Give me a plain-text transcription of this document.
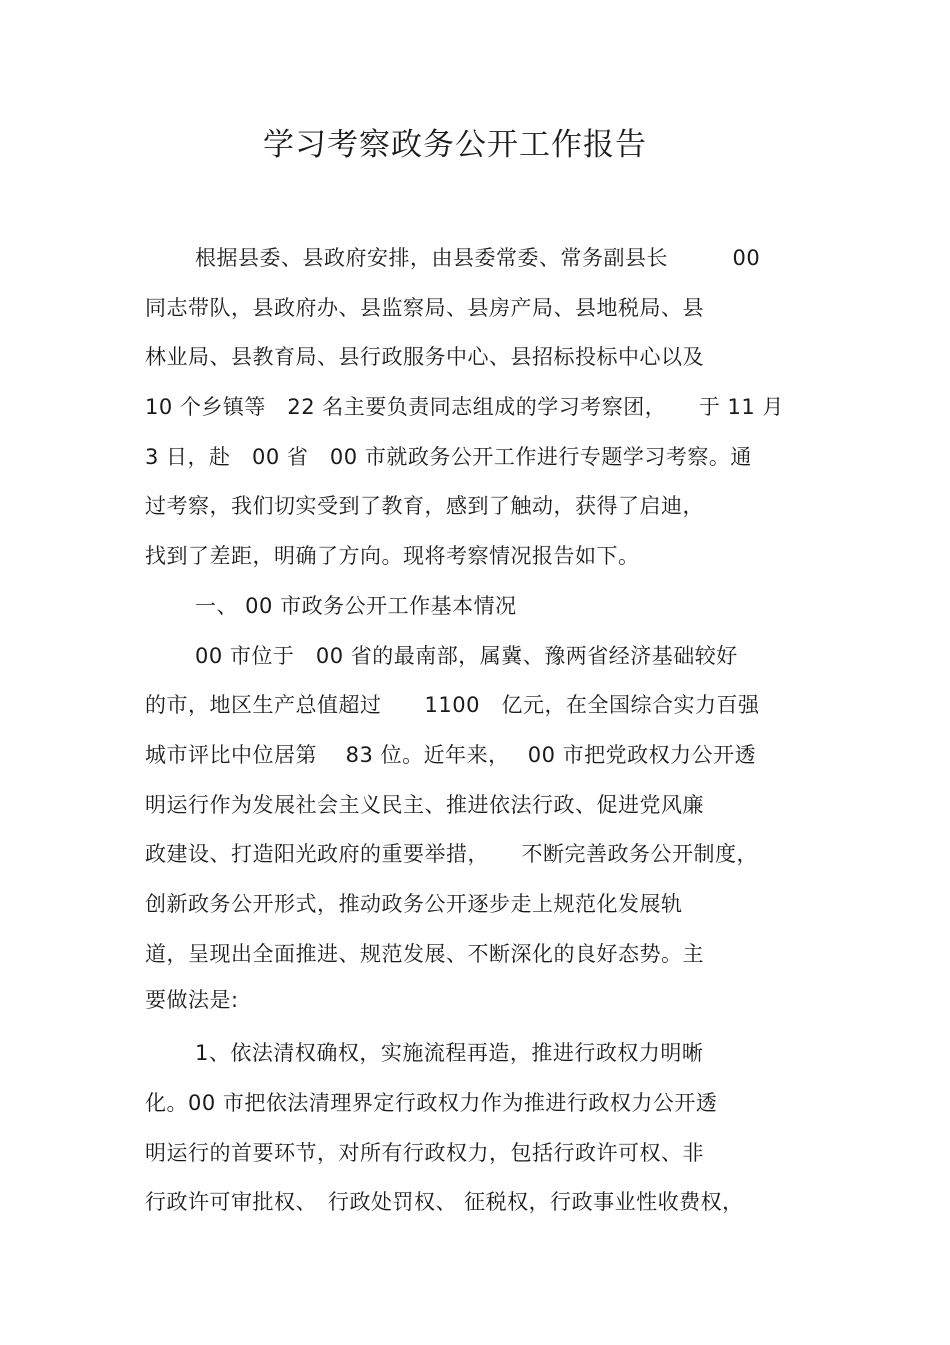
学习考察政务公开工作报告
根据县委、县政府安排，由县委常委、常务副县长　　　00
同志带队，县政府办、县监察局、县房产局、县地税局、县
林业局、县教育局、县行政服务中心、县招标投标中心以及
10 个乡镇等　22 名主要负责同志组成的学习考察团，　　于 11 月
3 日，赴　00 省　00 市就政务公开工作进行专题学习考察。通
过考察，我们切实受到了教育，感到了触动，获得了启迪，
找到了差距，明确了方向。现将考察情况报告如下。
一、 00 市政务公开工作基本情况
00 市位于　00 省的最南部，属冀、豫两省经济基础较好
的市，地区生产总值超过　　1100　亿元，在全国综合实力百强
城市评比中位居第　 83 位。近年来，　 00 市把党政权力公开透
明运行作为发展社会主义民主、推进依法行政、促进党风廉
政建设、打造阳光政府的重要举措，　　不断完善政务公开制度，
创新政务公开形式，推动政务公开逐步走上规范化发展轨
道，呈现出全面推进、规范发展、不断深化的良好态势。主
要做法是:
1、依法清权确权，实施流程再造，推进行政权力明晰
化。00 市把依法清理界定行政权力作为推进行政权力公开透
明运行的首要环节，对所有行政权力，包括行政许可权、非
行政许可审批权、　行政处罚权、 征税权，行政事业性收费权，
